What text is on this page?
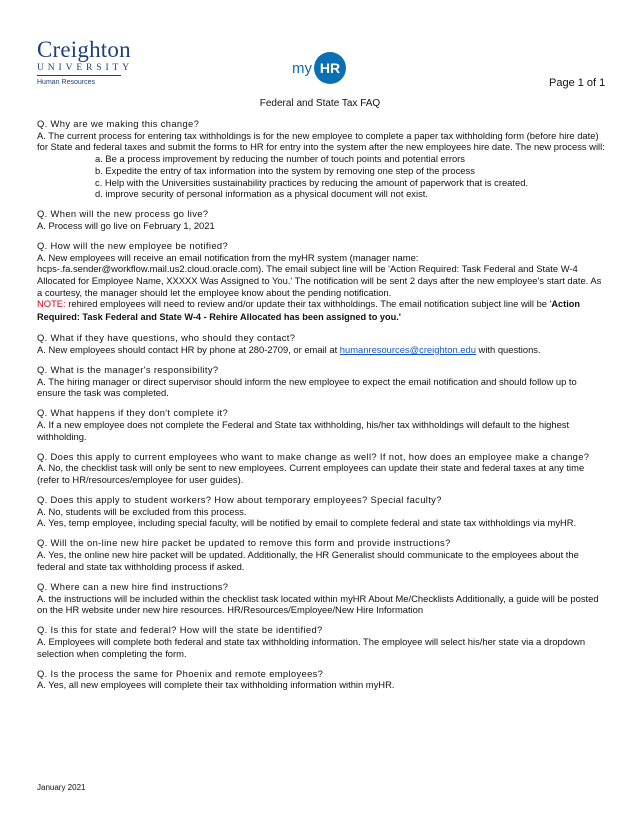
Creighton
UNIVERSITY
Human Resources
my HR
Page 1 of 1
Federal and State Tax FAQ
Q. Why are we making this change?
A. The current process for entering tax withholdings is for the new employee to complete a paper tax withholding form (before hire date) for State and federal taxes and submit the forms to HR for entry into the system after the new employees hire date. The new process will:
a. Be a process improvement by reducing the number of touch points and potential errors
b. Expedite the entry of tax information into the system by removing one step of the process
c. Help with the Universities sustainability practices by reducing the amount of paperwork that is created.
d. improve security of personal information as a physical document will not exist.
Q. When will the new process go live?
A. Process will go live on February 1, 2021
Q. How will the new employee be notified?
A. New employees will receive an email notification from the myHR system (manager name: hcps-.fa.sender@workflow.mail.us2.cloud.oracle.com). The email subject line will be 'Action Required: Task Federal and State W-4 Allocated for Employee Name, XXXXX Was Assigned to You.' The notification will be sent 2 days after the new employee's start date. As a courtesy, the manager should let the employee know about the pending notification.
NOTE: rehired employees will need to review and/or update their tax withholdings. The email notification subject line will be 'Action Required: Task Federal and State W-4 - Rehire Allocated has been assigned to you.'
Q. What if they have questions, who should they contact?
A. New employees should contact HR by phone at 280-2709, or email at humanresources@creighton.edu with questions.
Q. What is the manager's responsibility?
A. The hiring manager or direct supervisor should inform the new employee to expect the email notification and should follow up to ensure the task was completed.
Q. What happens if they don't complete it?
A. If a new employee does not complete the Federal and State tax withholding, his/her tax withholdings will default to the highest withholding.
Q. Does this apply to current employees who want to make change as well? If not, how does an employee make a change?
A. No, the checklist task will only be sent to new employees. Current employees can update their state and federal taxes at any time (refer to HR/resources/employee for user guides).
Q. Does this apply to student workers? How about temporary employees? Special faculty?
A. No, students will be excluded from this process.
A. Yes, temp employee, including special faculty, will be notified by email to complete federal and state tax withholdings via myHR.
Q. Will the on-line new hire packet be updated to remove this form and provide instructions?
A. Yes, the online new hire packet will be updated. Additionally, the HR Generalist should communicate to the employees about the federal and state tax withholding process if asked.
Q. Where can a new hire find instructions?
A. the instructions will be included within the checklist task located within myHR About Me/Checklists Additionally, a guide will be posted on the HR website under new hire resources. HR/Resources/Employee/New Hire Information
Q. Is this for state and federal? How will the state be identified?
A. Employees will complete both federal and state tax withholding information. The employee will select his/her state via a dropdown selection when completing the form.
Q. Is the process the same for Phoenix and remote employees?
A. Yes, all new employees will complete their tax withholding information within myHR.
January 2021
